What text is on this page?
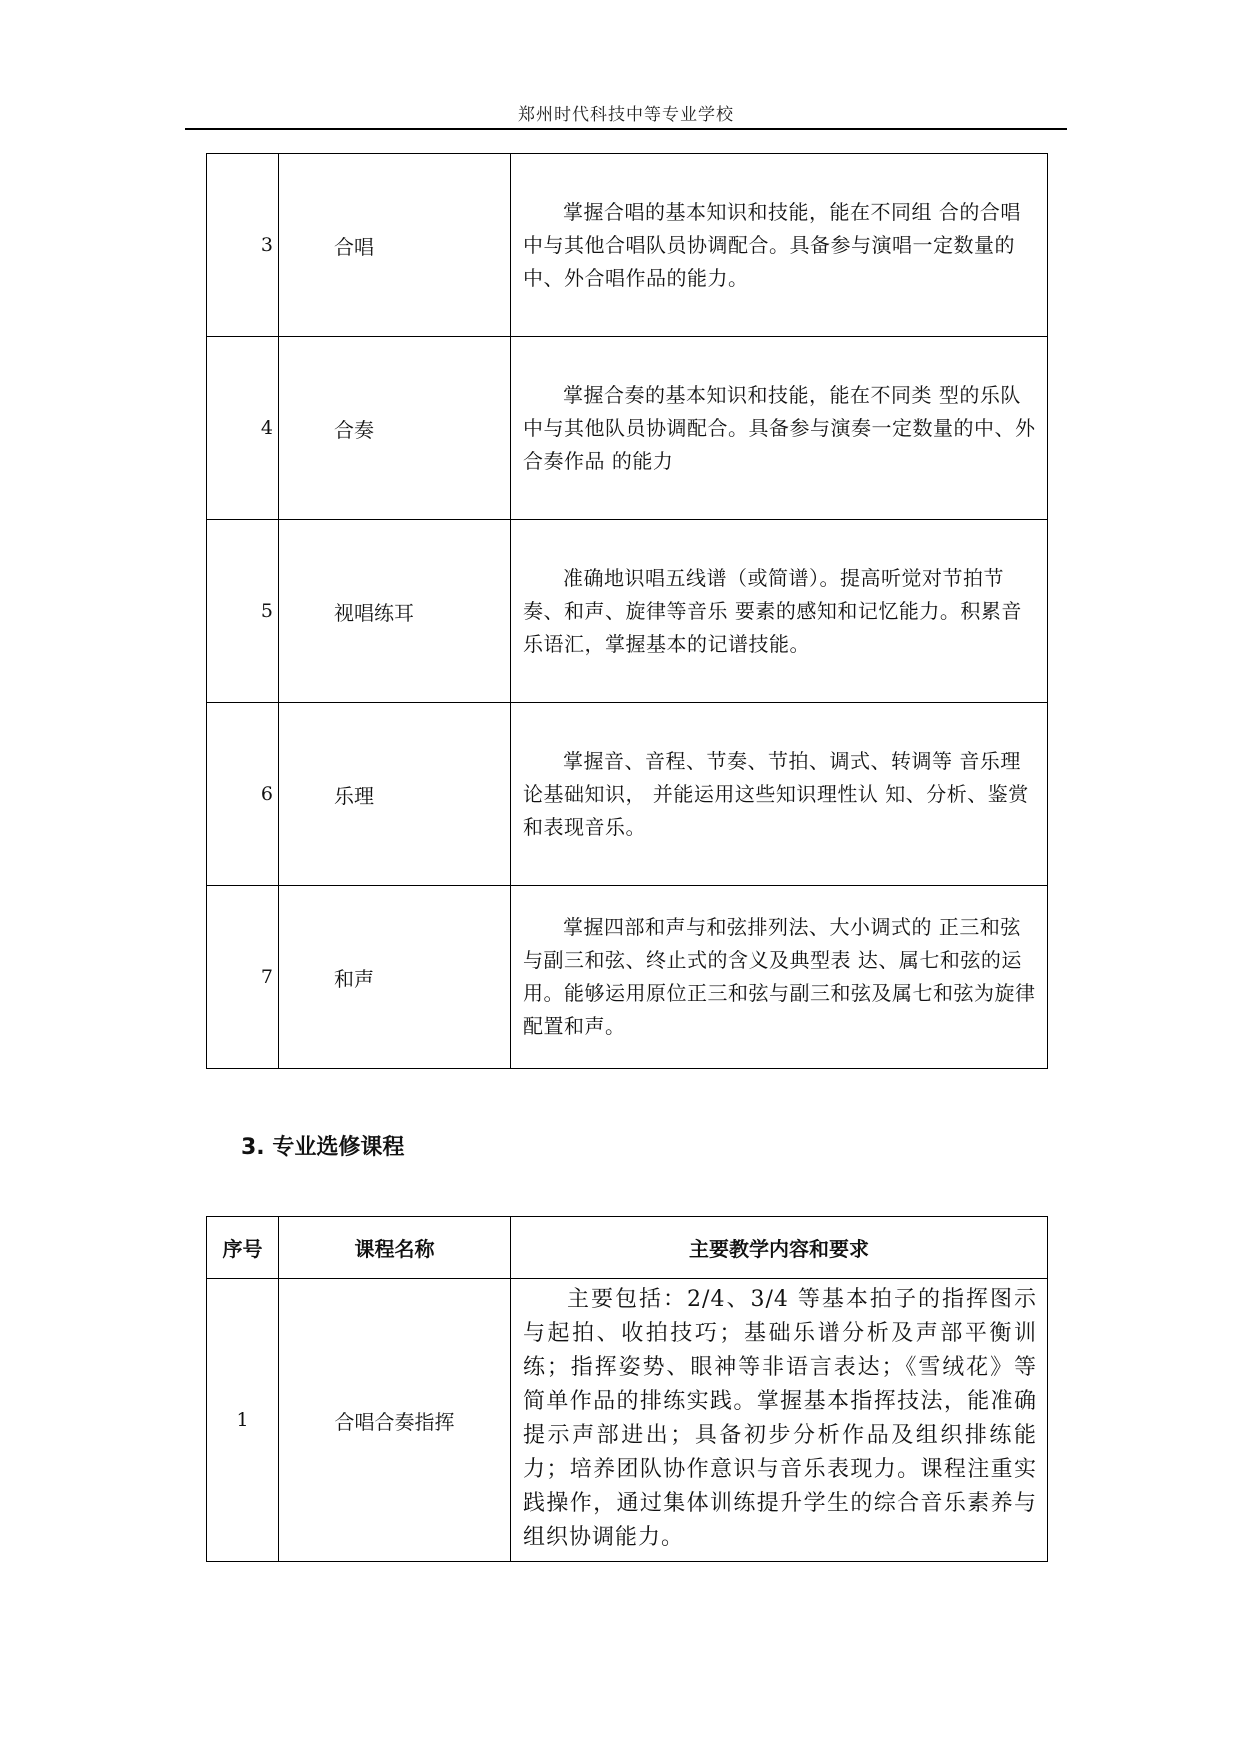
郑州时代科技中等专业学校
3	合唱	掌握合唱的基本知识和技能，能在不同组 合的合唱中与其他合唱队员协调配合。具备参与演唱一定数量的中、外合唱作品的能力。
4	合奏	掌握合奏的基本知识和技能，能在不同类 型的乐队中与其他队员协调配合。具备参与演奏一定数量的中、外合奏作品 的能力
5	视唱练耳	准确地识唱五线谱（或简谱）。提高听觉对节拍节奏、和声、旋律等音乐 要素的感知和记忆能力。积累音乐语汇，掌握基本的记谱技能。
6	乐理	掌握音、音程、节奏、节拍、调式、转调等 音乐理论基础知识， 并能运用这些知识理性认 知、分析、鉴赏和表现音乐。
7	和声	掌握四部和声与和弦排列法、大小调式的 正三和弦与副三和弦、终止式的含义及典型表 达、属七和弦的运用。能够运用原位正三和弦与副三和弦及属七和弦为旋律配置和声。
3. 专业选修课程
序号	课程名称	主要教学内容和要求
1	合唱合奏指挥	主要包括：2/4、3/4 等基本拍子的指挥图示与起拍、收拍技巧；基础乐谱分析及声部平衡训练；指挥姿势、眼神等非语言表达；《雪绒花》等简单作品的排练实践。掌握基本指挥技法，能准确提示声部进出；具备初步分析作品及组织排练能力；培养团队协作意识与音乐表现力。课程注重实践操作，通过集体训练提升学生的综合音乐素养与组织协调能力。
